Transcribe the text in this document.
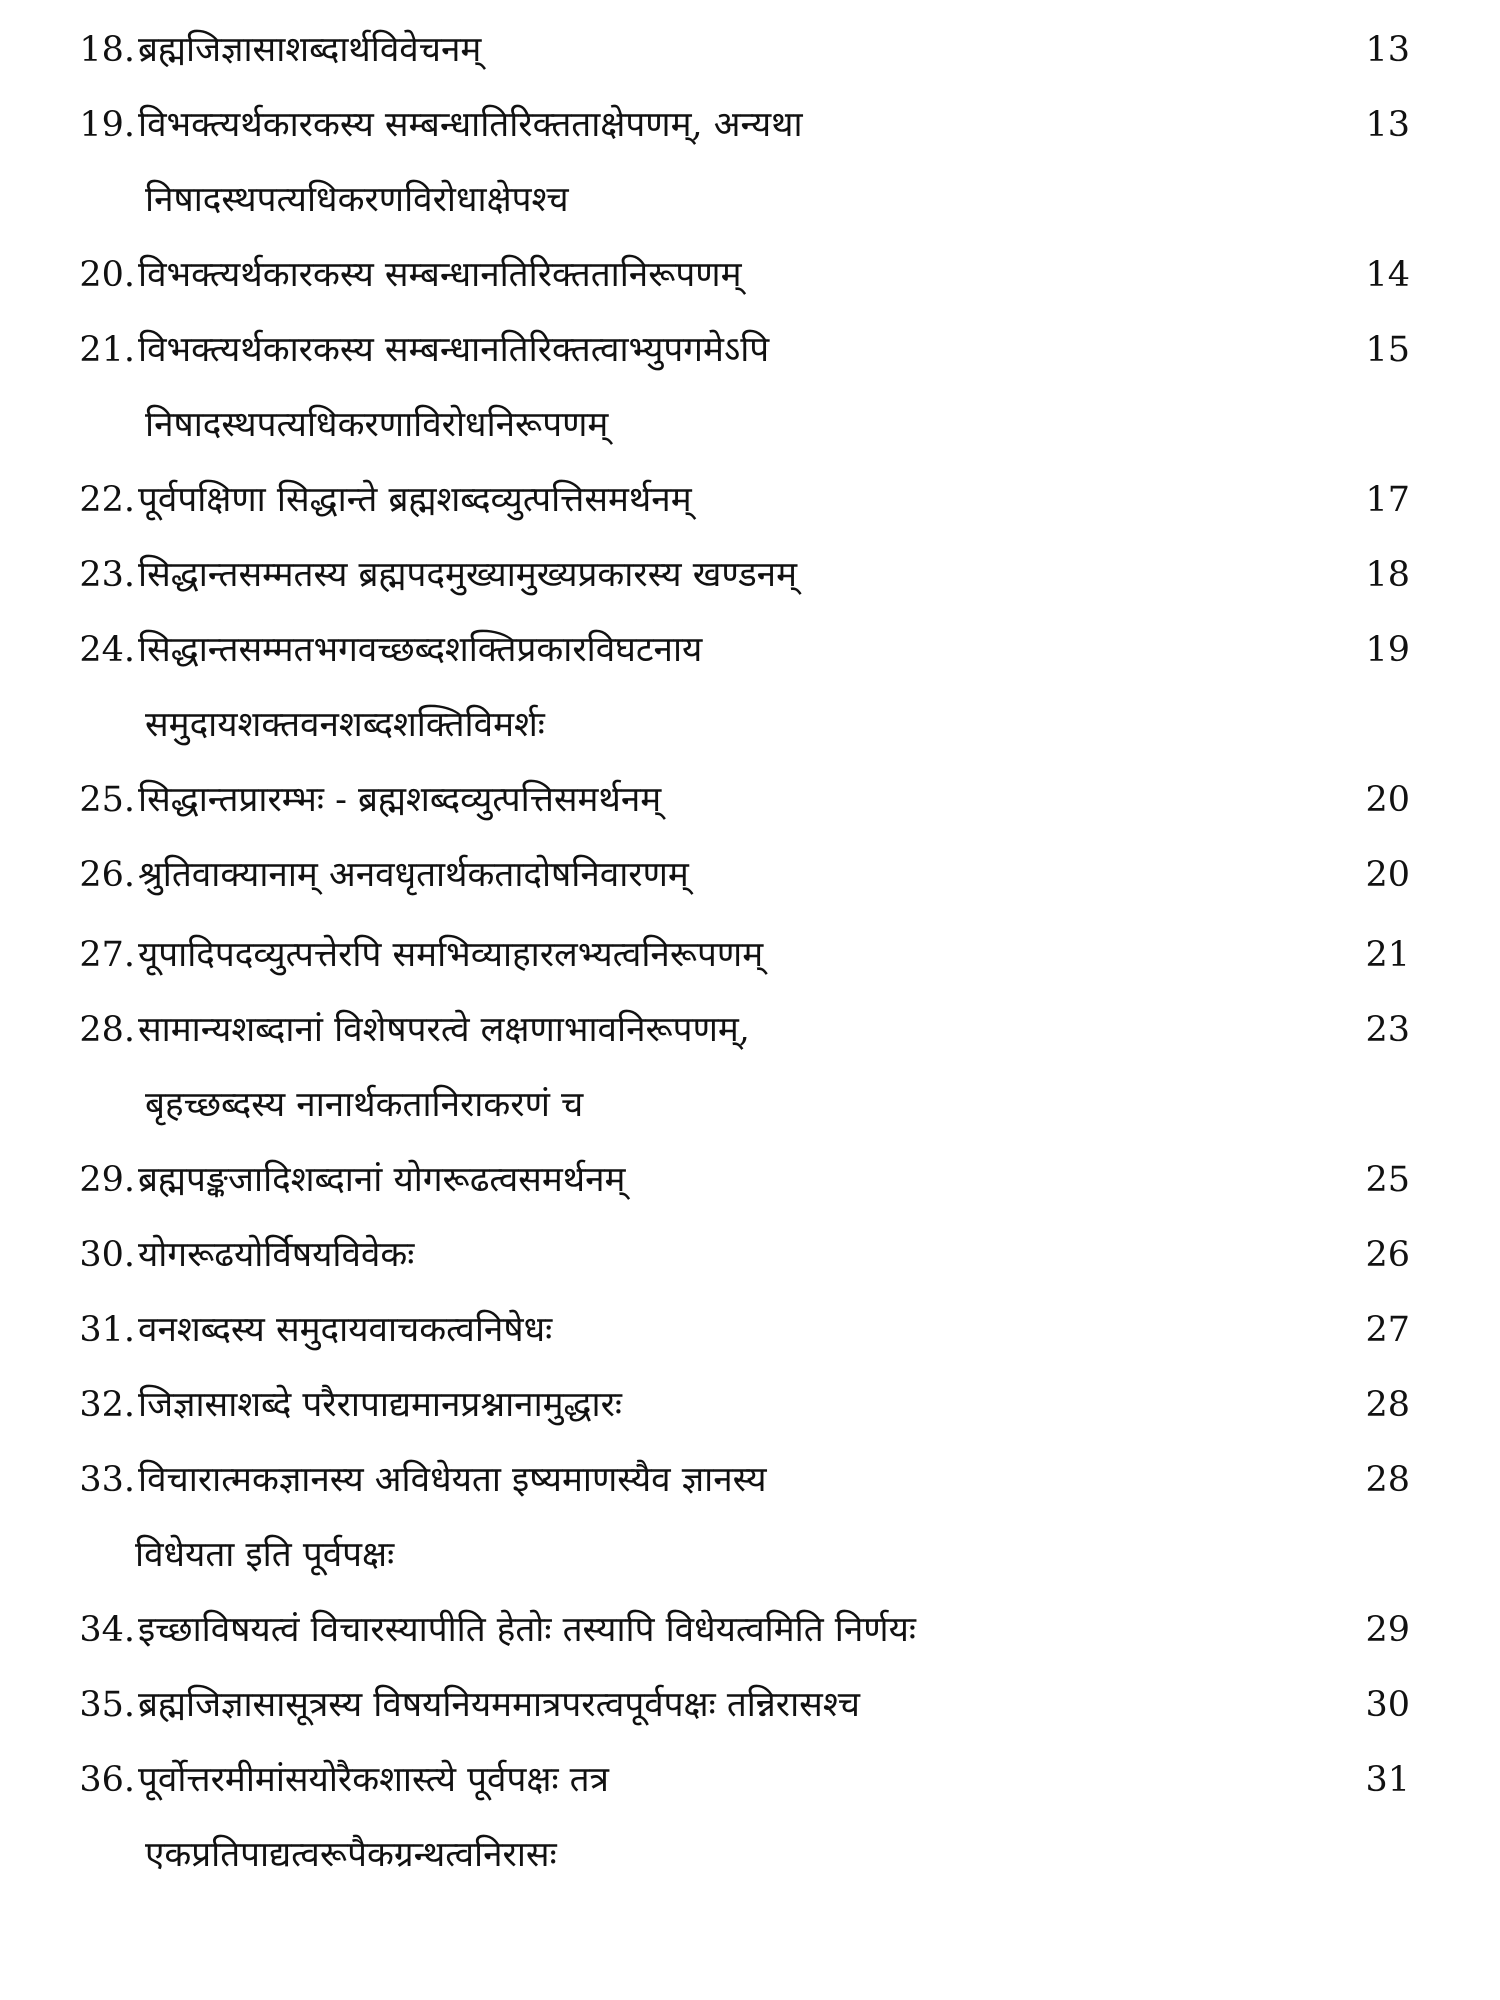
18. ब्रह्मजिज्ञासाशब्दार्थविवेचनम्	13
19. विभक्त्यर्थकारकस्य सम्बन्धातिरिक्तताक्षेपणम्, अन्यथा	13
निषादस्थपत्यधिकरणविरोधाक्षेपश्च
20. विभक्त्यर्थकारकस्य सम्बन्धानतिरिक्ततानिरूपणम्	14
21. विभक्त्यर्थकारकस्य सम्बन्धानतिरिक्तत्वाभ्युपगमेऽपि	15
निषादस्थपत्यधिकरणाविरोधनिरूपणम्
22. पूर्वपक्षिणा सिद्धान्ते ब्रह्मशब्दव्युत्पत्तिसमर्थनम्	17
23. सिद्धान्तसम्मतस्य ब्रह्मपदमुख्यामुख्यप्रकारस्य खण्डनम्	18
24. सिद्धान्तसम्मतभगवच्छब्दशक्तिप्रकारविघटनाय	19
समुदायशक्तवनशब्दशक्तिविमर्शः
25. सिद्धान्तप्रारम्भः - ब्रह्मशब्दव्युत्पत्तिसमर्थनम्	20
26. श्रुतिवाक्यानाम् अनवधृतार्थकतादोषनिवारणम्	20
27. यूपादिपदव्युत्पत्तेरपि समभिव्याहारलभ्यत्वनिरूपणम्	21
28. सामान्यशब्दानां विशेषपरत्वे लक्षणाभावनिरूपणम्,	23
बृहच्छब्दस्य नानार्थकतानिराकरणं च
29. ब्रह्मपङ्कजादिशब्दानां योगरूढत्वसमर्थनम्	25
30. योगरूढयोर्विषयविवेकः	26
31. वनशब्दस्य समुदायवाचकत्वनिषेधः	27
32. जिज्ञासाशब्दे परैरापाद्यमानप्रश्नानामुद्धारः	28
33. विचारात्मकज्ञानस्य अविधेयता इष्यमाणस्यैव ज्ञानस्य	28
विधेयता इति पूर्वपक्षः
34. इच्छाविषयत्वं विचारस्यापीति हेतोः तस्यापि विधेयत्वमिति निर्णयः	29
35. ब्रह्मजिज्ञासासूत्रस्य विषयनियममात्रपरत्वपूर्वपक्षः तन्निरासश्च	30
36. पूर्वोत्तरमीमांसयोरैकशास्त्ये पूर्वपक्षः तत्र	31
एकप्रतिपाद्यत्वरूपैकग्रन्थत्वनिरासः
